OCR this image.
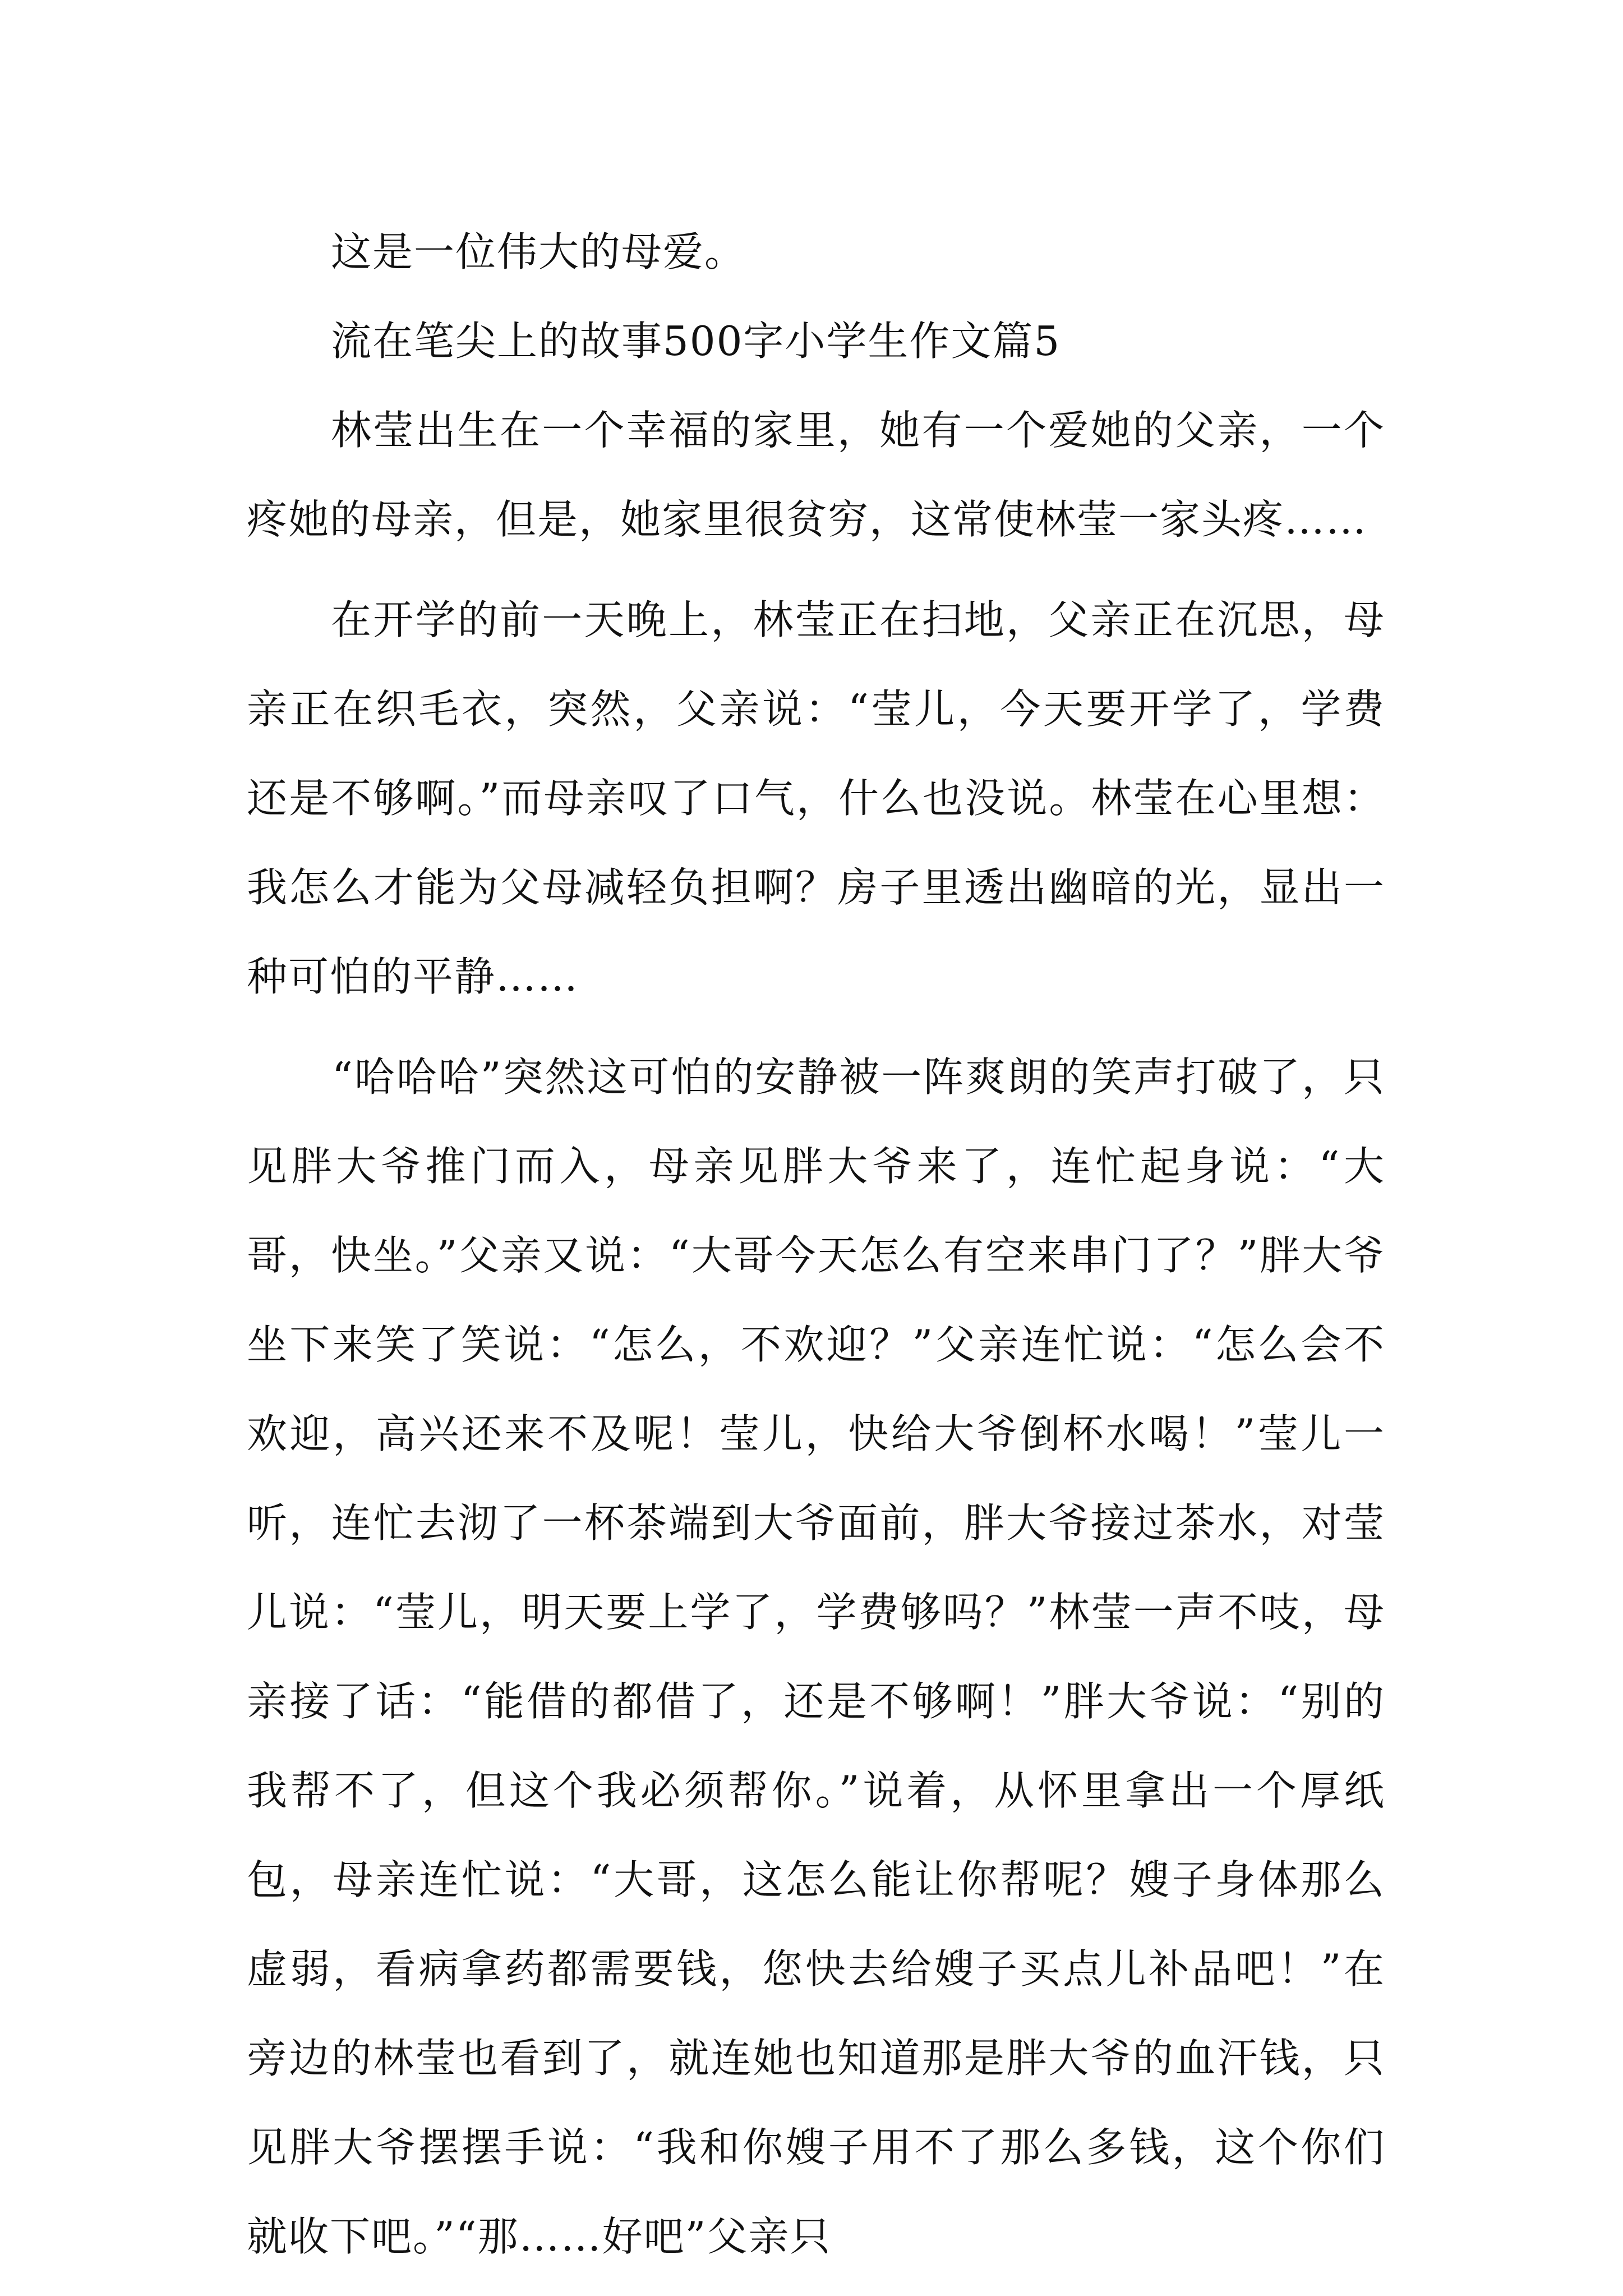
这是一位伟大的母爱。

流在笔尖上的故事500字小学生作文篇5

林莹出生在一个幸福的家里，她有一个爱她的父亲，一个疼她的母亲，但是，她家里很贫穷，这常使林莹一家头疼……

在开学的前一天晚上，林莹正在扫地，父亲正在沉思，母亲正在织毛衣，突然，父亲说：“莹儿，今天要开学了，学费还是不够啊。”而母亲叹了口气，什么也没说。林莹在心里想：我怎么才能为父母减轻负担啊？房子里透出幽暗的光，显出一种可怕的平静……

“哈哈哈”突然这可怕的安静被一阵爽朗的笑声打破了，只见胖大爷推门而入，母亲见胖大爷来了，连忙起身说：“大哥，快坐。”父亲又说：“大哥今天怎么有空来串门了？”胖大爷坐下来笑了笑说：“怎么，不欢迎？”父亲连忙说：“怎么会不欢迎，高兴还来不及呢！莹儿，快给大爷倒杯水喝！”莹儿一听，连忙去沏了一杯茶端到大爷面前，胖大爷接过茶水，对莹儿说：“莹儿，明天要上学了，学费够吗？”林莹一声不吱，母亲接了话：“能借的都借了，还是不够啊！”胖大爷说：“别的我帮不了，但这个我必须帮你。”说着，从怀里拿出一个厚纸包，母亲连忙说：“大哥，这怎么能让你帮呢？嫂子身体那么虚弱，看病拿药都需要钱，您快去给嫂子买点儿补品吧！”在旁边的林莹也看到了，就连她也知道那是胖大爷的血汗钱，只见胖大爷摆摆手说：“我和你嫂子用不了那么多钱，这个你们就收下吧。”“那……好吧”父亲只
